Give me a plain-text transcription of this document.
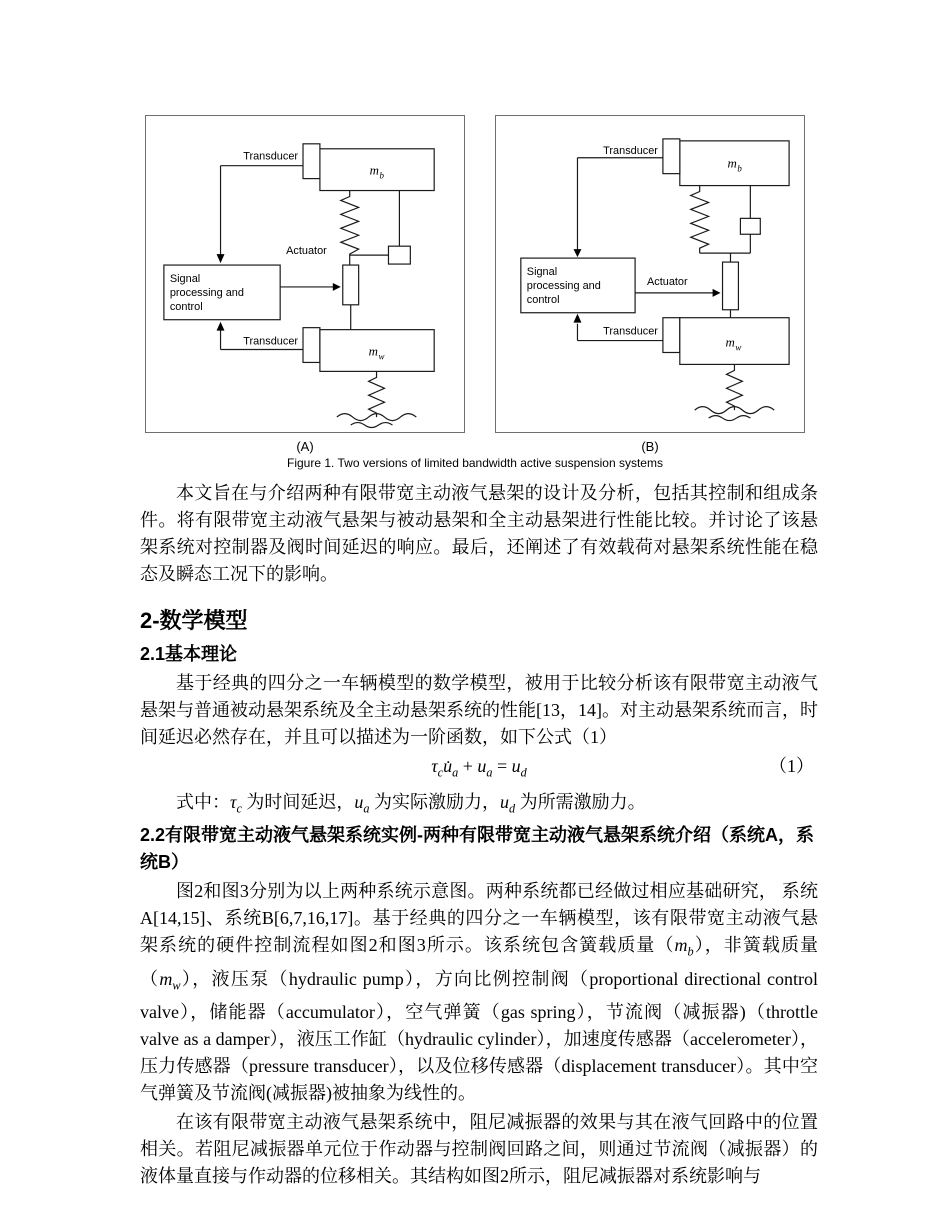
Transducer
Actuator
Signal
processing and
control
Transducer
m b
m w
Transducer
Actuator
Signal
processing and
control
Transducer
m b
m w
(A)	(B)
Figure 1. Two versions of limited bandwidth active suspension systems

本文旨在与介绍两种有限带宽主动液气悬架的设计及分析，包括其控制和组成条件。将有限带宽主动液气悬架与被动悬架和全主动悬架进行性能比较。并讨论了该悬架系统对控制器及阀时间延迟的响应。最后，还阐述了有效载荷对悬架系统性能在稳态及瞬态工况下的影响。

2-数学模型
2.1基本理论

基于经典的四分之一车辆模型的数学模型，被用于比较分析该有限带宽主动液气悬架与普通被动悬架系统及全主动悬架系统的性能[13，14]。对主动悬架系统而言，时间延迟必然存在，并且可以描述为一阶函数，如下公式（1）

$\tau_cu̇_a + u_a = u_d$	（1）

式中：$\tau_c$ 为时间延迟，$u_a$ 为实际激励力，$u_d$ 为所需激励力。

2.2有限带宽主动液气悬架系统实例-两种有限带宽主动液气悬架系统介绍（系统A，系统B）

图2和图3分别为以上两种系统示意图。两种系统都已经做过相应基础研究， 系统A[14,15]、系统B[6,7,16,17]。基于经典的四分之一车辆模型，该有限带宽主动液气悬架系统的硬件控制流程如图2和图3所示。该系统包含簧载质量$(m_b)$，非簧载质量$(m_w)$，液压泵（hydraulic pump），方向比例控制阀（proportional directional control valve），储能器（accumulator），空气弹簧（gas spring），节流阀（减振器)（throttle valve as a damper），液压工作缸（hydraulic cylinder），加速度传感器（accelerometer），压力传感器（pressure transducer），以及位移传感器（displacement transducer）。其中空气弹簧及节流阀(减振器)被抽象为线性的。

在该有限带宽主动液气悬架系统中，阻尼减振器的效果与其在液气回路中的位置相关。若阻尼减振器单元位于作动器与控制阀回路之间，则通过节流阀（减振器）的液体量直接与作动器的位移相关。其结构如图2所示，阻尼减振器对系统影响与
